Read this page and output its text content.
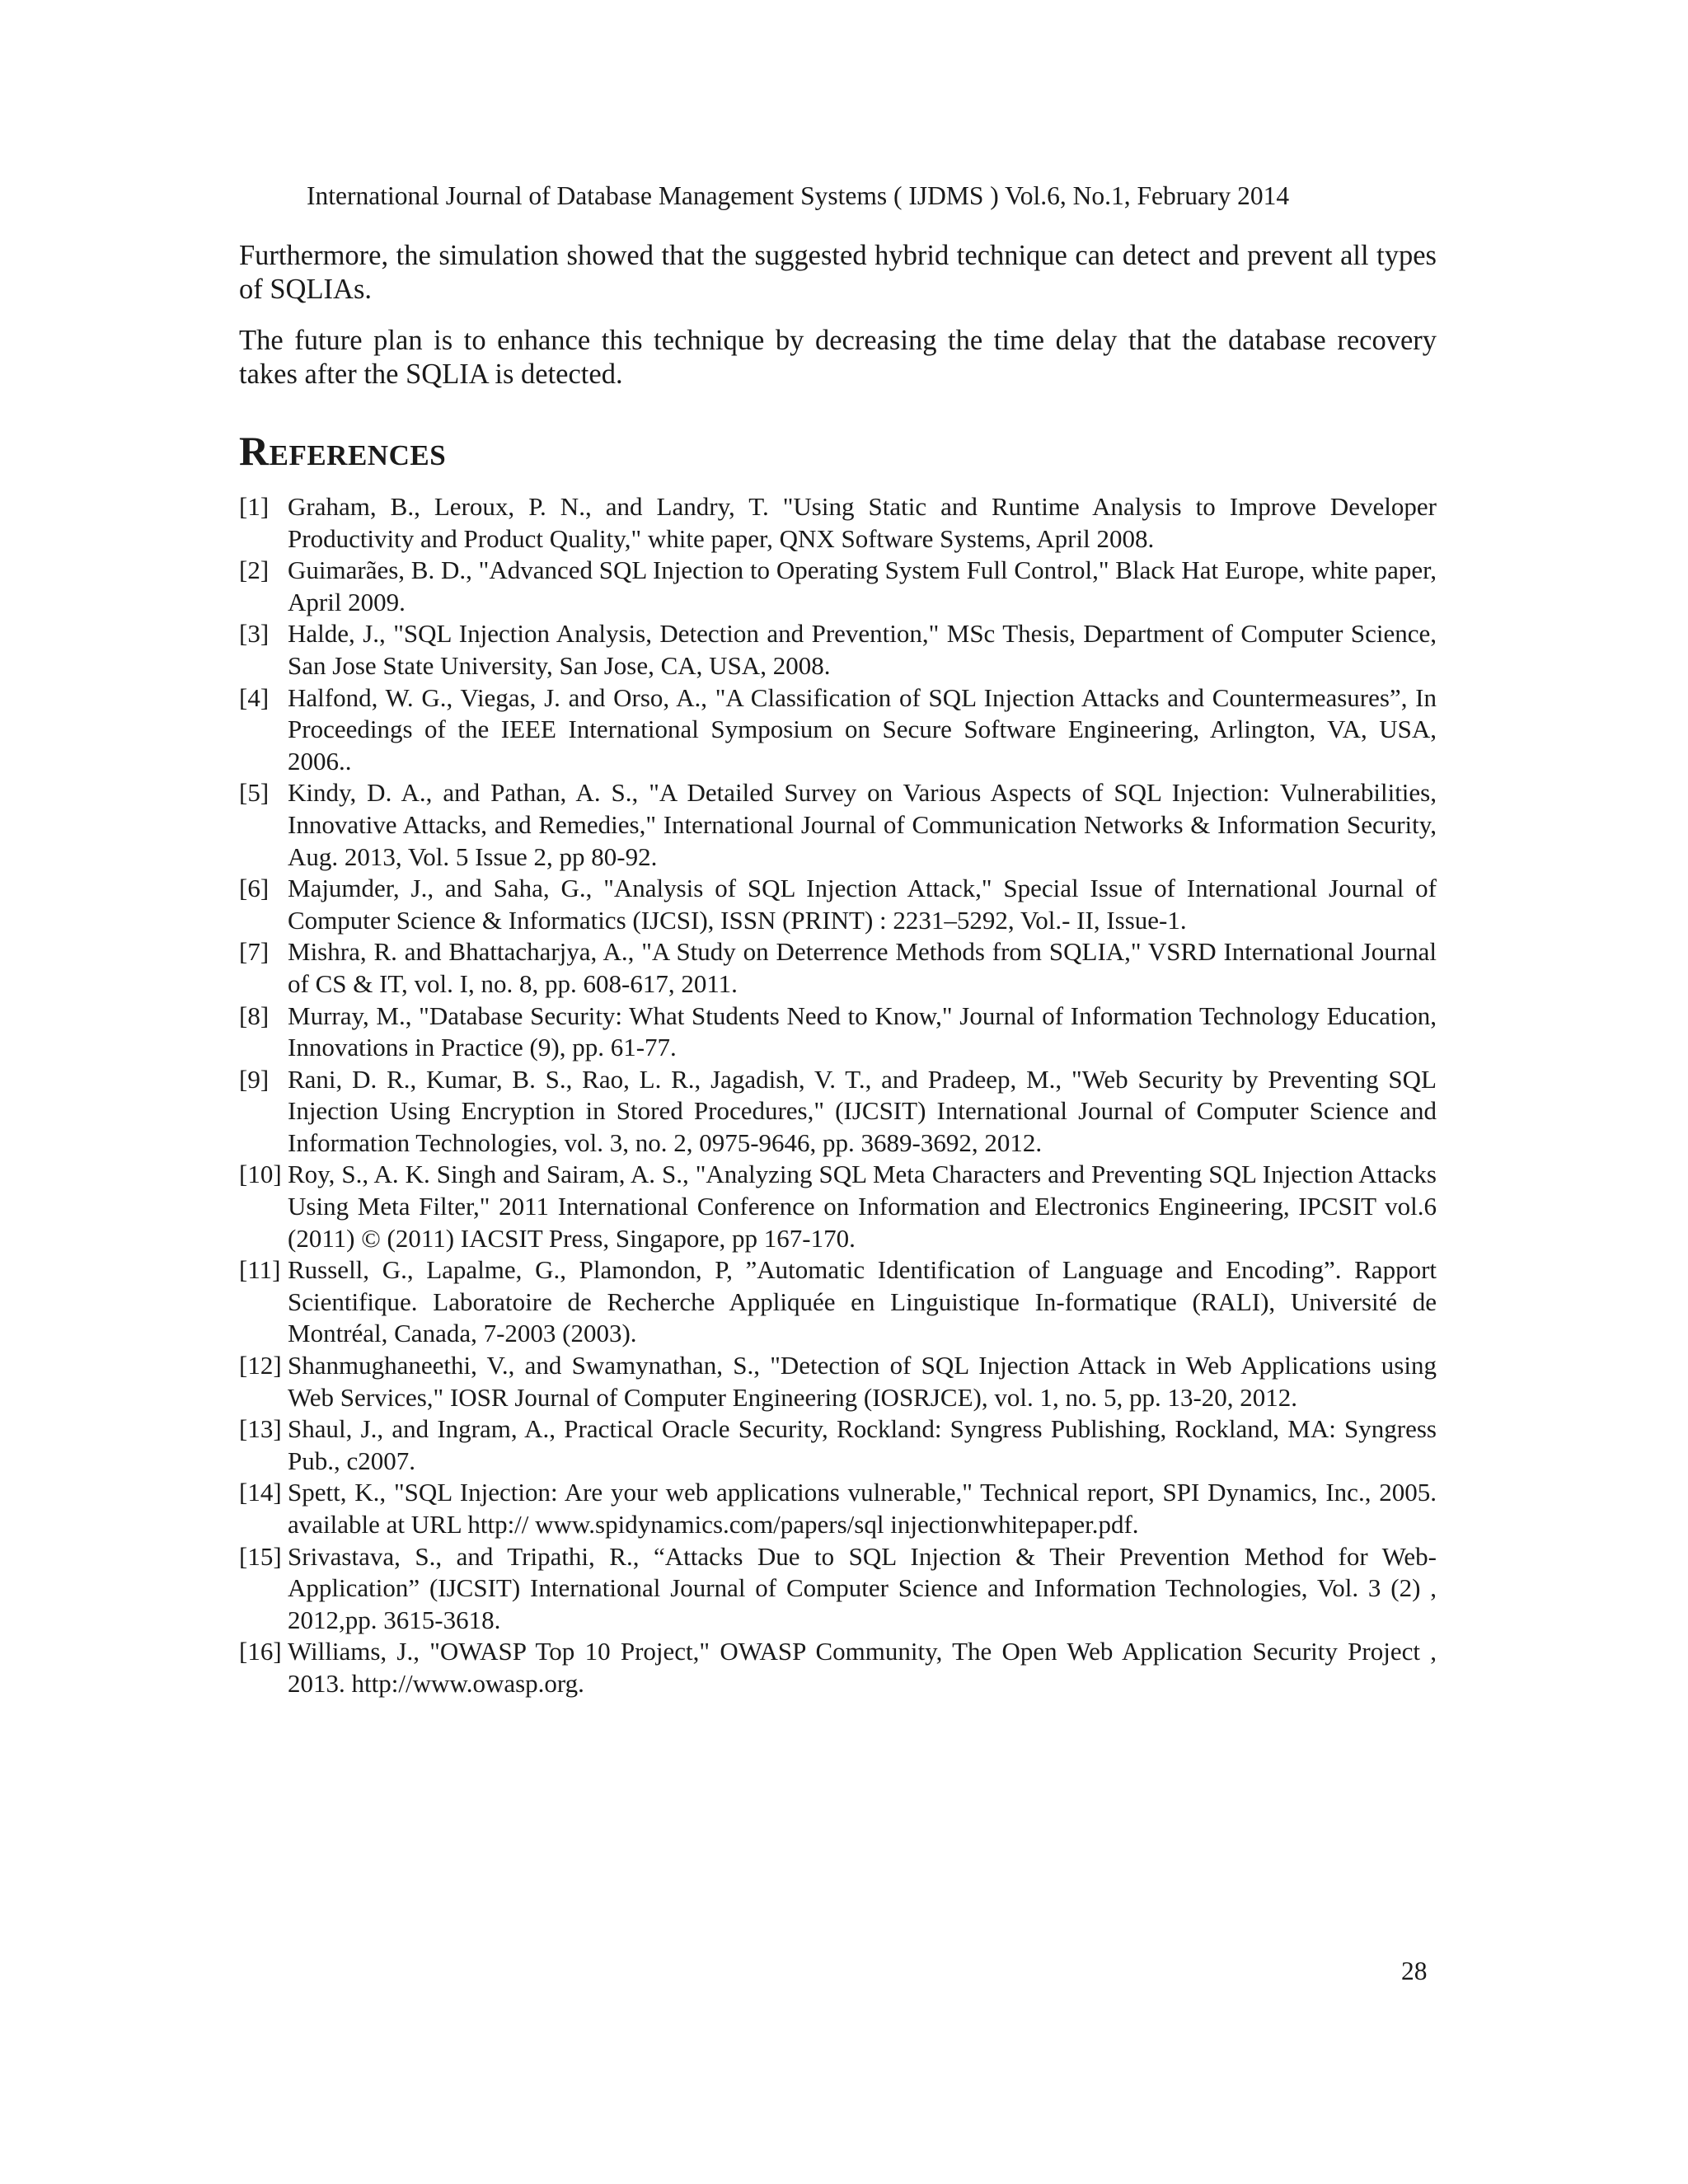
International Journal of Database Management Systems ( IJDMS ) Vol.6, No.1, February 2014

Furthermore, the simulation showed that the suggested hybrid technique can detect and prevent all types of SQLIAs.

The future plan is to enhance this technique by decreasing the time delay that the database recovery takes after the SQLIA is detected.

References
[1] Graham, B., Leroux, P. N., and Landry, T. "Using Static and Runtime Analysis to Improve Developer Productivity and Product Quality," white paper, QNX Software Systems, April 2008.
[2] Guimarães, B. D., "Advanced SQL Injection to Operating System Full Control," Black Hat Europe, white paper, April 2009.
[3] Halde, J., "SQL Injection Analysis, Detection and Prevention," MSc Thesis, Department of Computer Science, San Jose State University, San Jose, CA, USA, 2008.
[4] Halfond, W. G., Viegas, J. and Orso, A., "A Classification of SQL Injection Attacks and Countermeasures”, In Proceedings of the IEEE International Symposium on Secure Software Engineering, Arlington, VA, USA, 2006..
[5] Kindy, D. A., and Pathan, A. S., "A Detailed Survey on Various Aspects of SQL Injection: Vulnerabilities, Innovative Attacks, and Remedies," International Journal of Communication Networks & Information Security, Aug. 2013, Vol. 5 Issue 2, pp 80-92.
[6] Majumder, J., and Saha, G., "Analysis of SQL Injection Attack," Special Issue of International Journal of Computer Science & Informatics (IJCSI), ISSN (PRINT) : 2231–5292, Vol.- II, Issue-1.
[7] Mishra, R. and Bhattacharjya, A., "A Study on Deterrence Methods from SQLIA," VSRD International Journal of CS & IT, vol. I, no. 8, pp. 608-617, 2011.
[8] Murray, M., "Database Security: What Students Need to Know," Journal of Information Technology Education, Innovations in Practice (9), pp. 61-77.
[9] Rani, D. R., Kumar, B. S., Rao, L. R., Jagadish, V. T., and Pradeep, M., "Web Security by Preventing SQL Injection Using Encryption in Stored Procedures," (IJCSIT) International Journal of Computer Science and Information Technologies, vol. 3, no. 2, 0975-9646, pp. 3689-3692, 2012.
[10] Roy, S., A. K. Singh and Sairam, A. S., "Analyzing SQL Meta Characters and Preventing SQL Injection Attacks Using Meta Filter," 2011 International Conference on Information and Electronics Engineering, IPCSIT vol.6 (2011) © (2011) IACSIT Press, Singapore, pp 167-170.
[11] Russell, G., Lapalme, G., Plamondon, P, ”Automatic Identification of Language and Encoding”. Rapport Scientifique. Laboratoire de Recherche Appliquée en Linguistique In-formatique (RALI), Université de Montréal, Canada, 7-2003 (2003).
[12] Shanmughaneethi, V., and Swamynathan, S., "Detection of SQL Injection Attack in Web Applications using Web Services," IOSR Journal of Computer Engineering (IOSRJCE), vol. 1, no. 5, pp. 13-20, 2012.
[13] Shaul, J., and Ingram, A., Practical Oracle Security, Rockland: Syngress Publishing, Rockland, MA: Syngress Pub., c2007.
[14] Spett, K., "SQL Injection: Are your web applications vulnerable," Technical report, SPI Dynamics, Inc., 2005. available at URL http:// www.spidynamics.com/papers/sql injectionwhitepaper.pdf.
[15] Srivastava, S., and Tripathi, R., “Attacks Due to SQL Injection & Their Prevention Method for Web-Application” (IJCSIT) International Journal of Computer Science and Information Technologies, Vol. 3 (2) , 2012,pp. 3615-3618.
[16] Williams, J., "OWASP Top 10 Project," OWASP Community, The Open Web Application Security Project , 2013. http://www.owasp.org.
28
